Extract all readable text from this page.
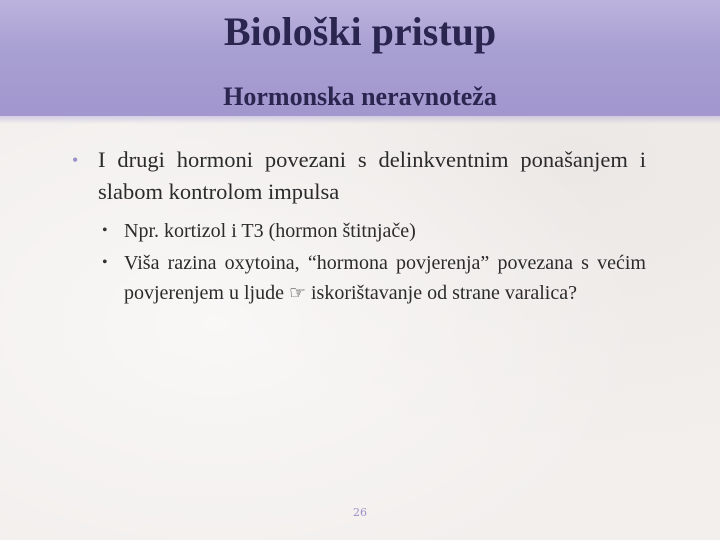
Biološki pristup
Hormonska neravnoteža
• I drugi hormoni povezani s delinkventnim ponašanjem i slabom kontrolom impulsa
• Npr. kortizol i T3 (hormon štitnjače)
• Viša razina oxytoina, “hormona povjerenja” povezana s većim povjerenjem u ljude ☞ iskorištavanje od strane varalica?
26
